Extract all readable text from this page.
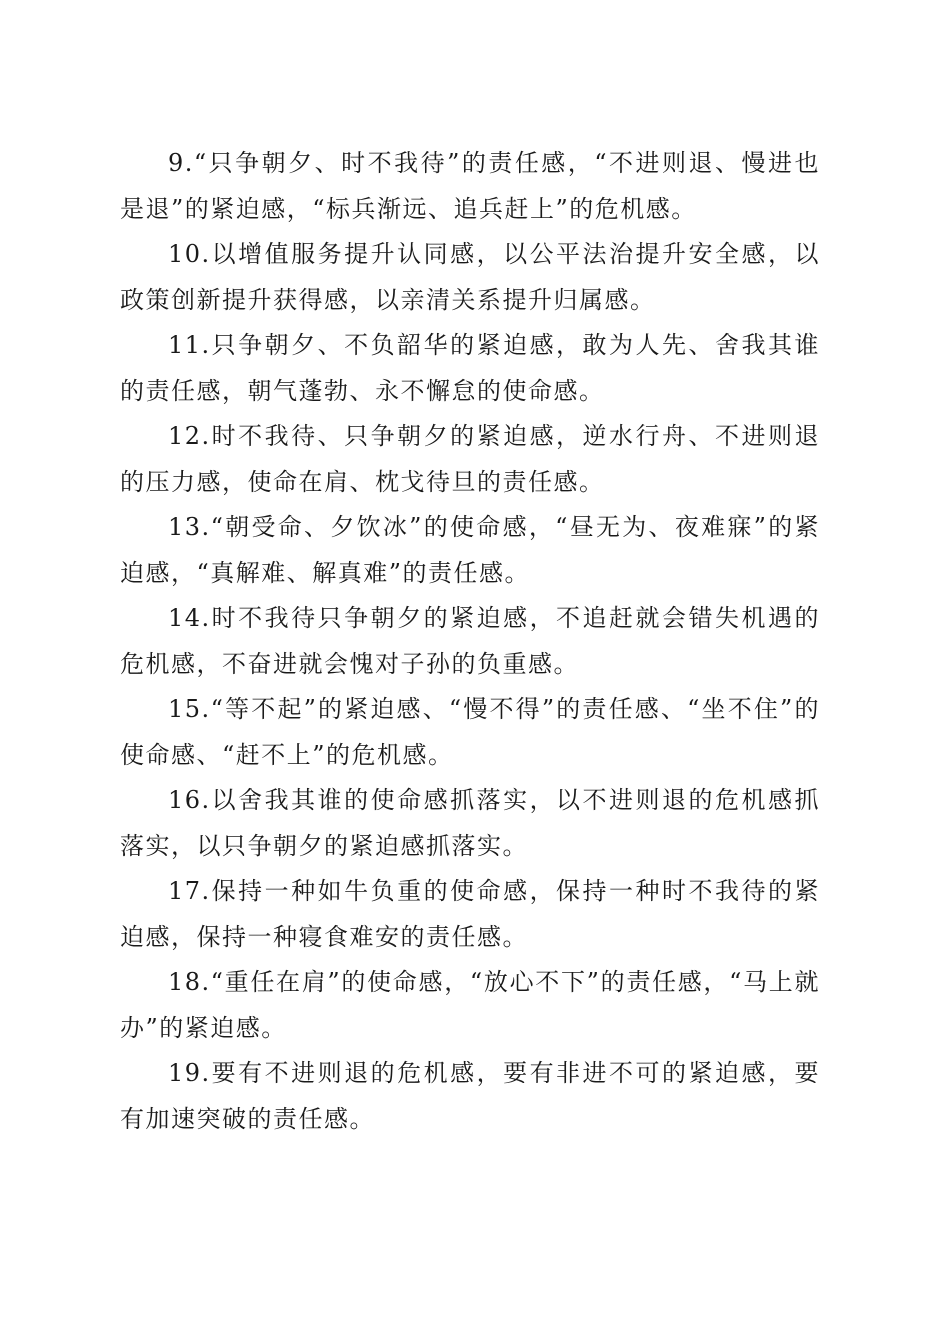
9.“只争朝夕、时不我待”的责任感，“不进则退、慢进也是退”的紧迫感，“标兵渐远、追兵赶上”的危机感。

10.以增值服务提升认同感，以公平法治提升安全感，以政策创新提升获得感，以亲清关系提升归属感。

11.只争朝夕、不负韶华的紧迫感，敢为人先、舍我其谁的责任感，朝气蓬勃、永不懈怠的使命感。

12.时不我待、只争朝夕的紧迫感，逆水行舟、不进则退的压力感，使命在肩、枕戈待旦的责任感。

13.“朝受命、夕饮冰”的使命感，“昼无为、夜难寐”的紧迫感，“真解难、解真难”的责任感。

14.时不我待只争朝夕的紧迫感，不追赶就会错失机遇的危机感，不奋进就会愧对子孙的负重感。

15.“等不起”的紧迫感、“慢不得”的责任感、“坐不住”的使命感、“赶不上”的危机感。

16.以舍我其谁的使命感抓落实，以不进则退的危机感抓落实，以只争朝夕的紧迫感抓落实。

17.保持一种如牛负重的使命感，保持一种时不我待的紧迫感，保持一种寝食难安的责任感。

18.“重任在肩”的使命感，“放心不下”的责任感，“马上就办”的紧迫感。

19.要有不进则退的危机感，要有非进不可的紧迫感，要有加速突破的责任感。
